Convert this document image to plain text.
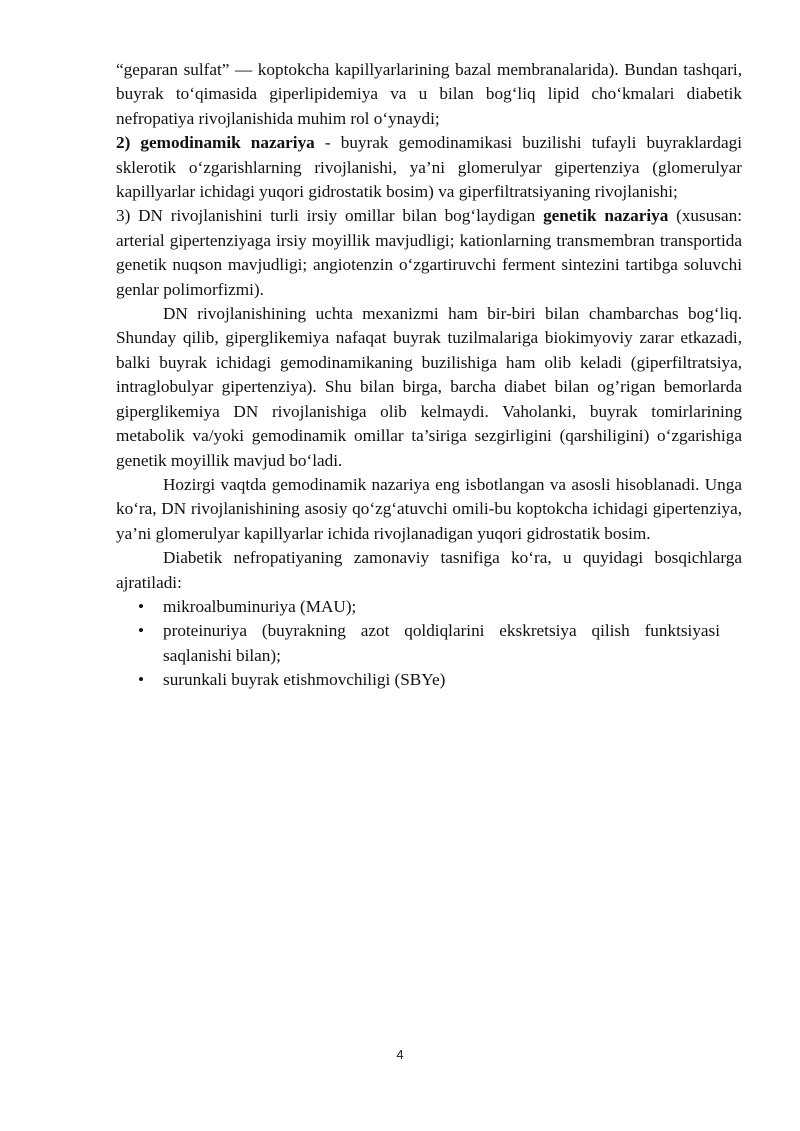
“geparan sulfat” — koptokcha kapillyarlarining bazal membranalarida). Bundan tashqari, buyrak to‘qimasida giperlipidemiya va u bilan bog‘liq lipid cho‘kmalari diabetik nefropatiya rivojlanishida muhim rol o‘ynaydi;

2) gemodinamik nazariya - buyrak gemodinamikasi buzilishi tufayli buyraklardagi sklerotik o‘zgarishlarning rivojlanishi, ya’ni glomerulyar gipertenziya (glomerulyar kapillyarlar ichidagi yuqori gidrostatik bosim) va giperfiltratsiyaning rivojlanishi;

3) DN rivojlanishini turli irsiy omillar bilan bog‘laydigan genetik nazariya (xususan: arterial gipertenziyaga irsiy moyillik mavjudligi; kationlarning transmembran transportida genetik nuqson mavjudligi; angiotenzin o‘zgartiruvchi ferment sintezini tartibga soluvchi genlar polimorfizmi).

DN rivojlanishining uchta mexanizmi ham bir-biri bilan chambarchas bog‘liq. Shunday qilib, giperglikemiya nafaqat buyrak tuzilmalariga biokimyoviy zarar etkazadi, balki buyrak ichidagi gemodinamikaning buzilishiga ham olib keladi (giperfiltratsiya, intraglobulyar gipertenziya). Shu bilan birga, barcha diabet bilan og’rigan bemorlarda giperglikemiya DN rivojlanishiga olib kelmaydi. Vaholanki, buyrak tomirlarining metabolik va/yoki gemodinamik omillar ta’siriga sezgirligini (qarshiligini) o‘zgarishiga genetik moyillik mavjud bo‘ladi.

Hozirgi vaqtda gemodinamik nazariya eng isbotlangan va asosli hisoblanadi. Unga ko‘ra, DN rivojlanishining asosiy qo‘zg‘atuvchi omili-bu koptokcha ichidagi gipertenziya, ya’ni glomerulyar kapillyarlar ichida rivojlanadigan yuqori gidrostatik bosim.

Diabetik nefropatiyaning zamonaviy tasnifiga ko‘ra, u quyidagi bosqichlarga ajratiladi:

• mikroalbuminuriya (MAU);
• proteinuriya (buyrakning azot qoldiqlarini ekskretsiya qilish funktsiyasi saqlanishi bilan);
• surunkali buyrak etishmovchiligi (SBYe)
4
